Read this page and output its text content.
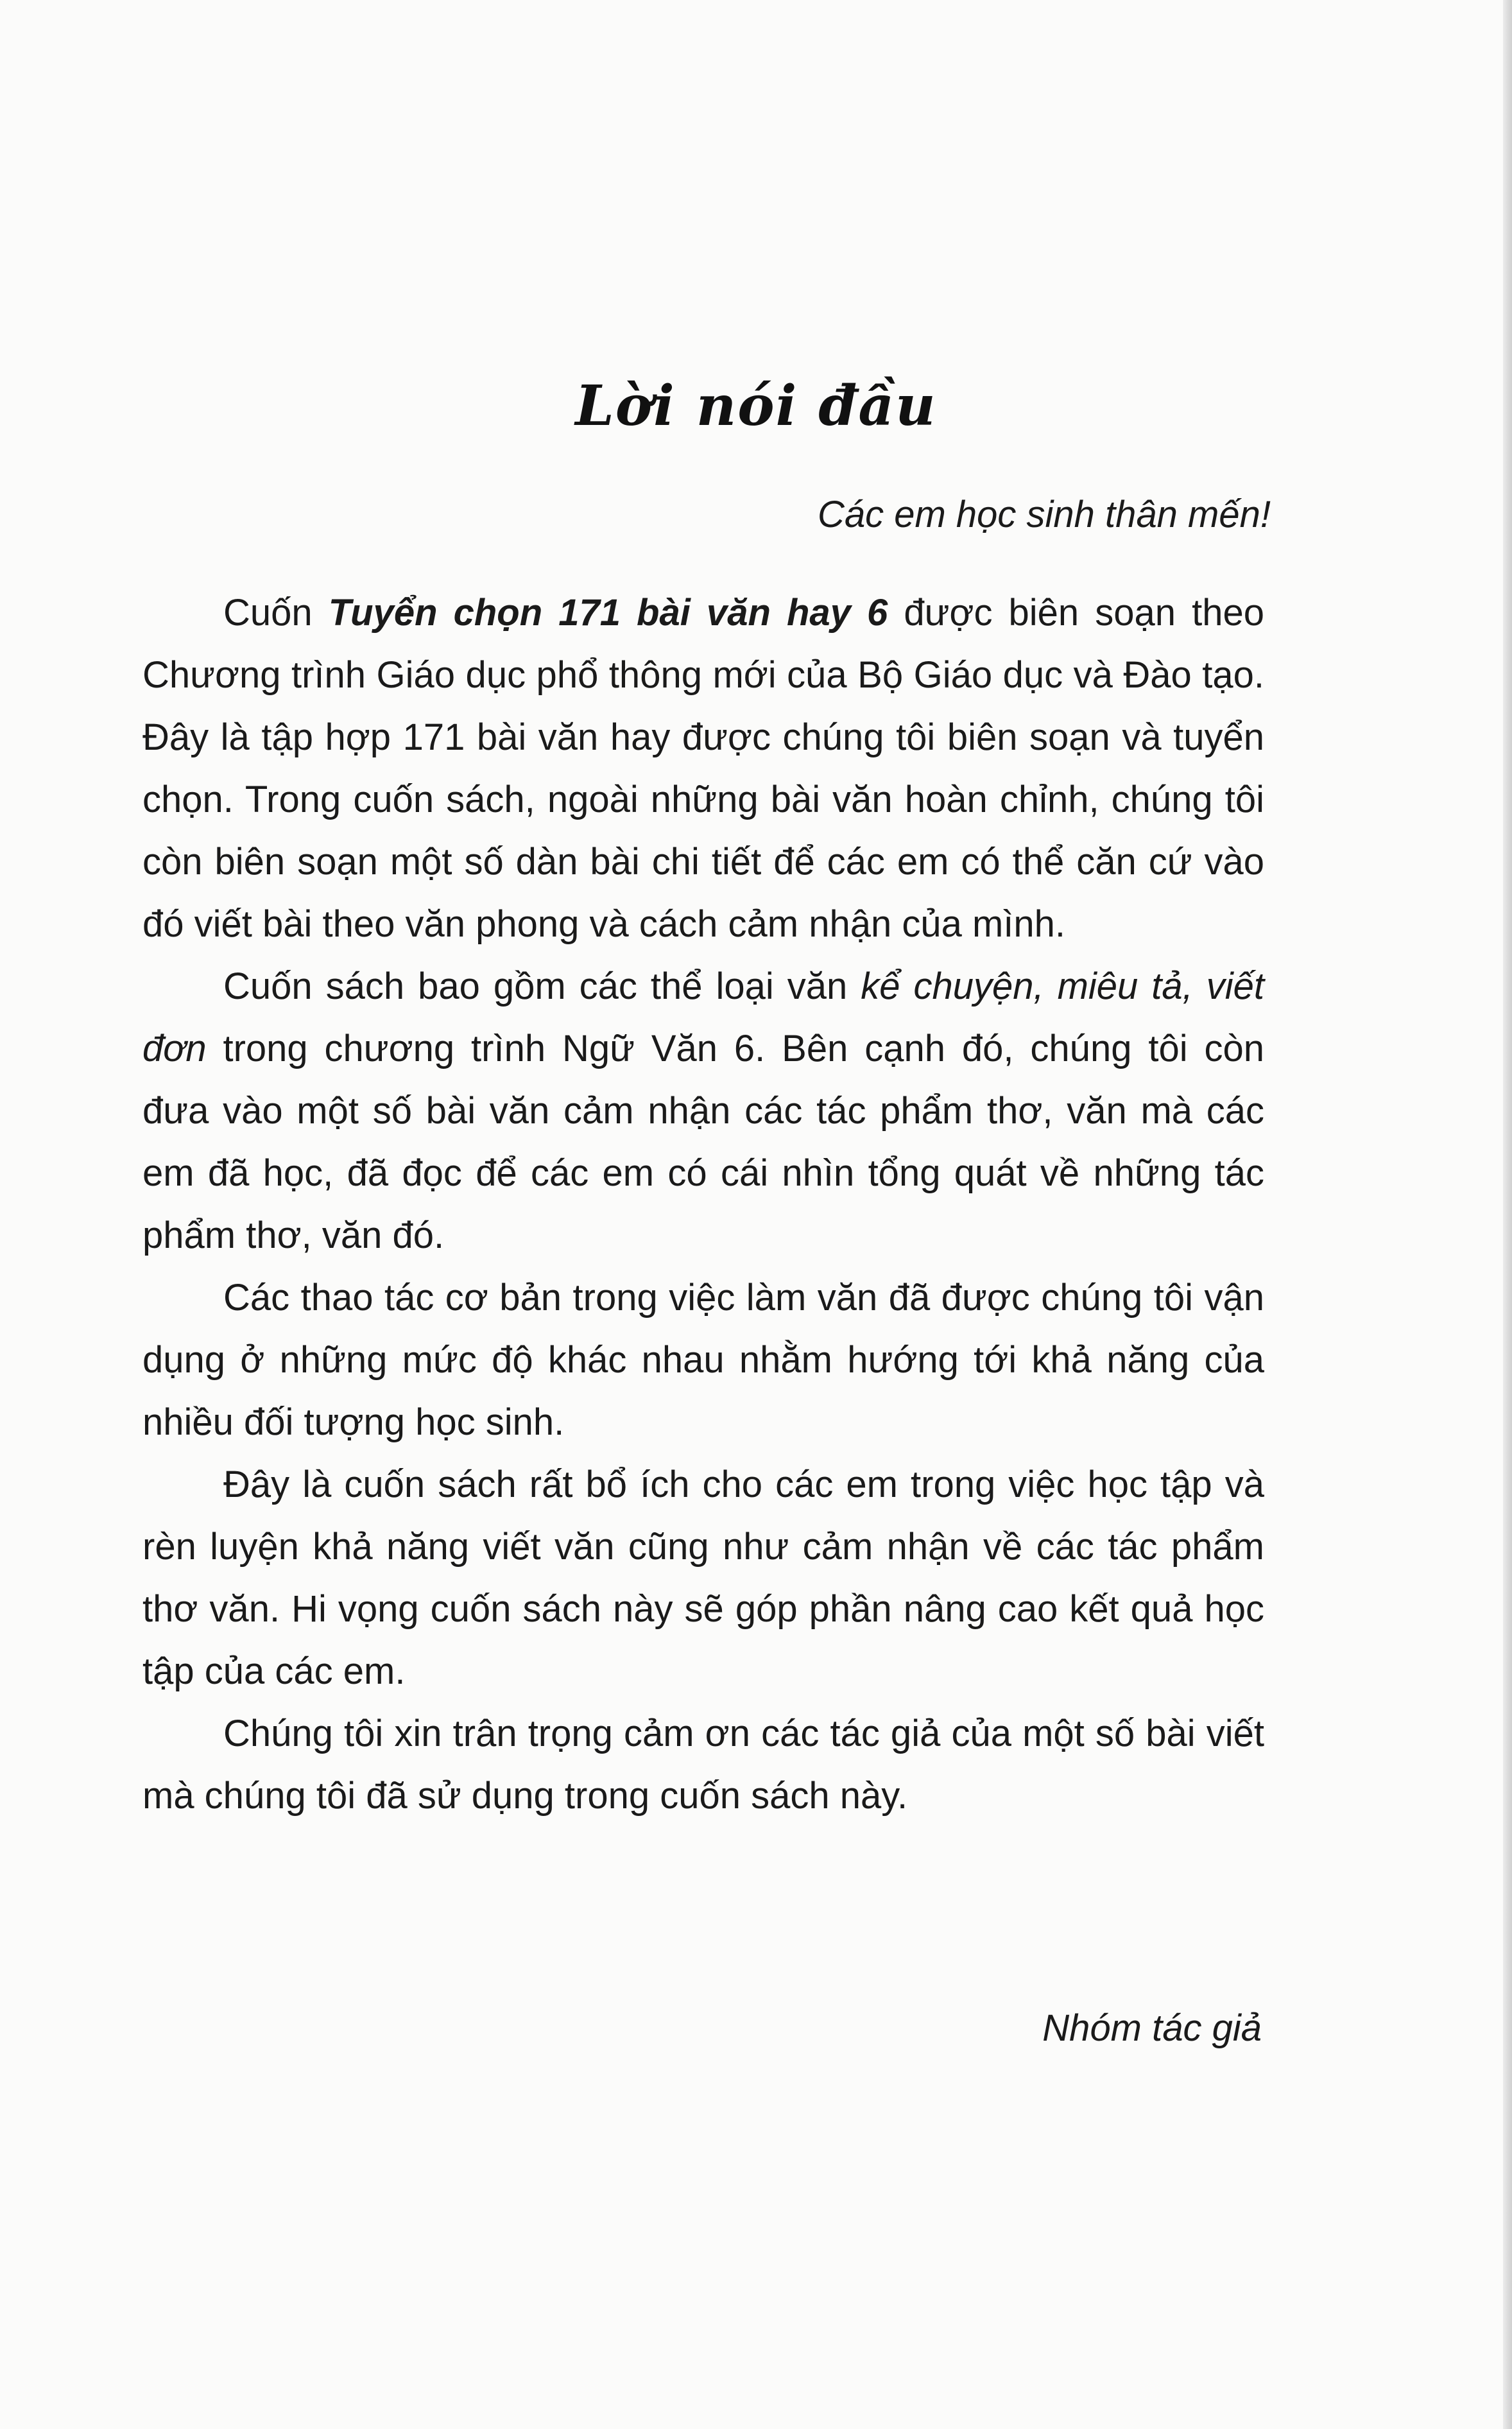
Lời nói đầu
Các em học sinh thân mến!

Cuốn Tuyển chọn 171 bài văn hay 6 được biên soạn theo Chương trình Giáo dục phổ thông mới của Bộ Giáo dục và Đào tạo. Đây là tập hợp 171 bài văn hay được chúng tôi biên soạn và tuyển chọn. Trong cuốn sách, ngoài những bài văn hoàn chỉnh, chúng tôi còn biên soạn một số dàn bài chi tiết để các em có thể căn cứ vào đó viết bài theo văn phong và cách cảm nhận của mình.

Cuốn sách bao gồm các thể loại văn kể chuyện, miêu tả, viết đơn trong chương trình Ngữ Văn 6. Bên cạnh đó, chúng tôi còn đưa vào một số bài văn cảm nhận các tác phẩm thơ, văn mà các em đã học, đã đọc để các em có cái nhìn tổng quát về những tác phẩm thơ, văn đó.

Các thao tác cơ bản trong việc làm văn đã được chúng tôi vận dụng ở những mức độ khác nhau nhằm hướng tới khả năng của nhiều đối tượng học sinh.

Đây là cuốn sách rất bổ ích cho các em trong việc học tập và rèn luyện khả năng viết văn cũng như cảm nhận về các tác phẩm thơ văn. Hi vọng cuốn sách này sẽ góp phần nâng cao kết quả học tập của các em.

Chúng tôi xin trân trọng cảm ơn các tác giả của một số bài viết mà chúng tôi đã sử dụng trong cuốn sách này.

Nhóm tác giả
